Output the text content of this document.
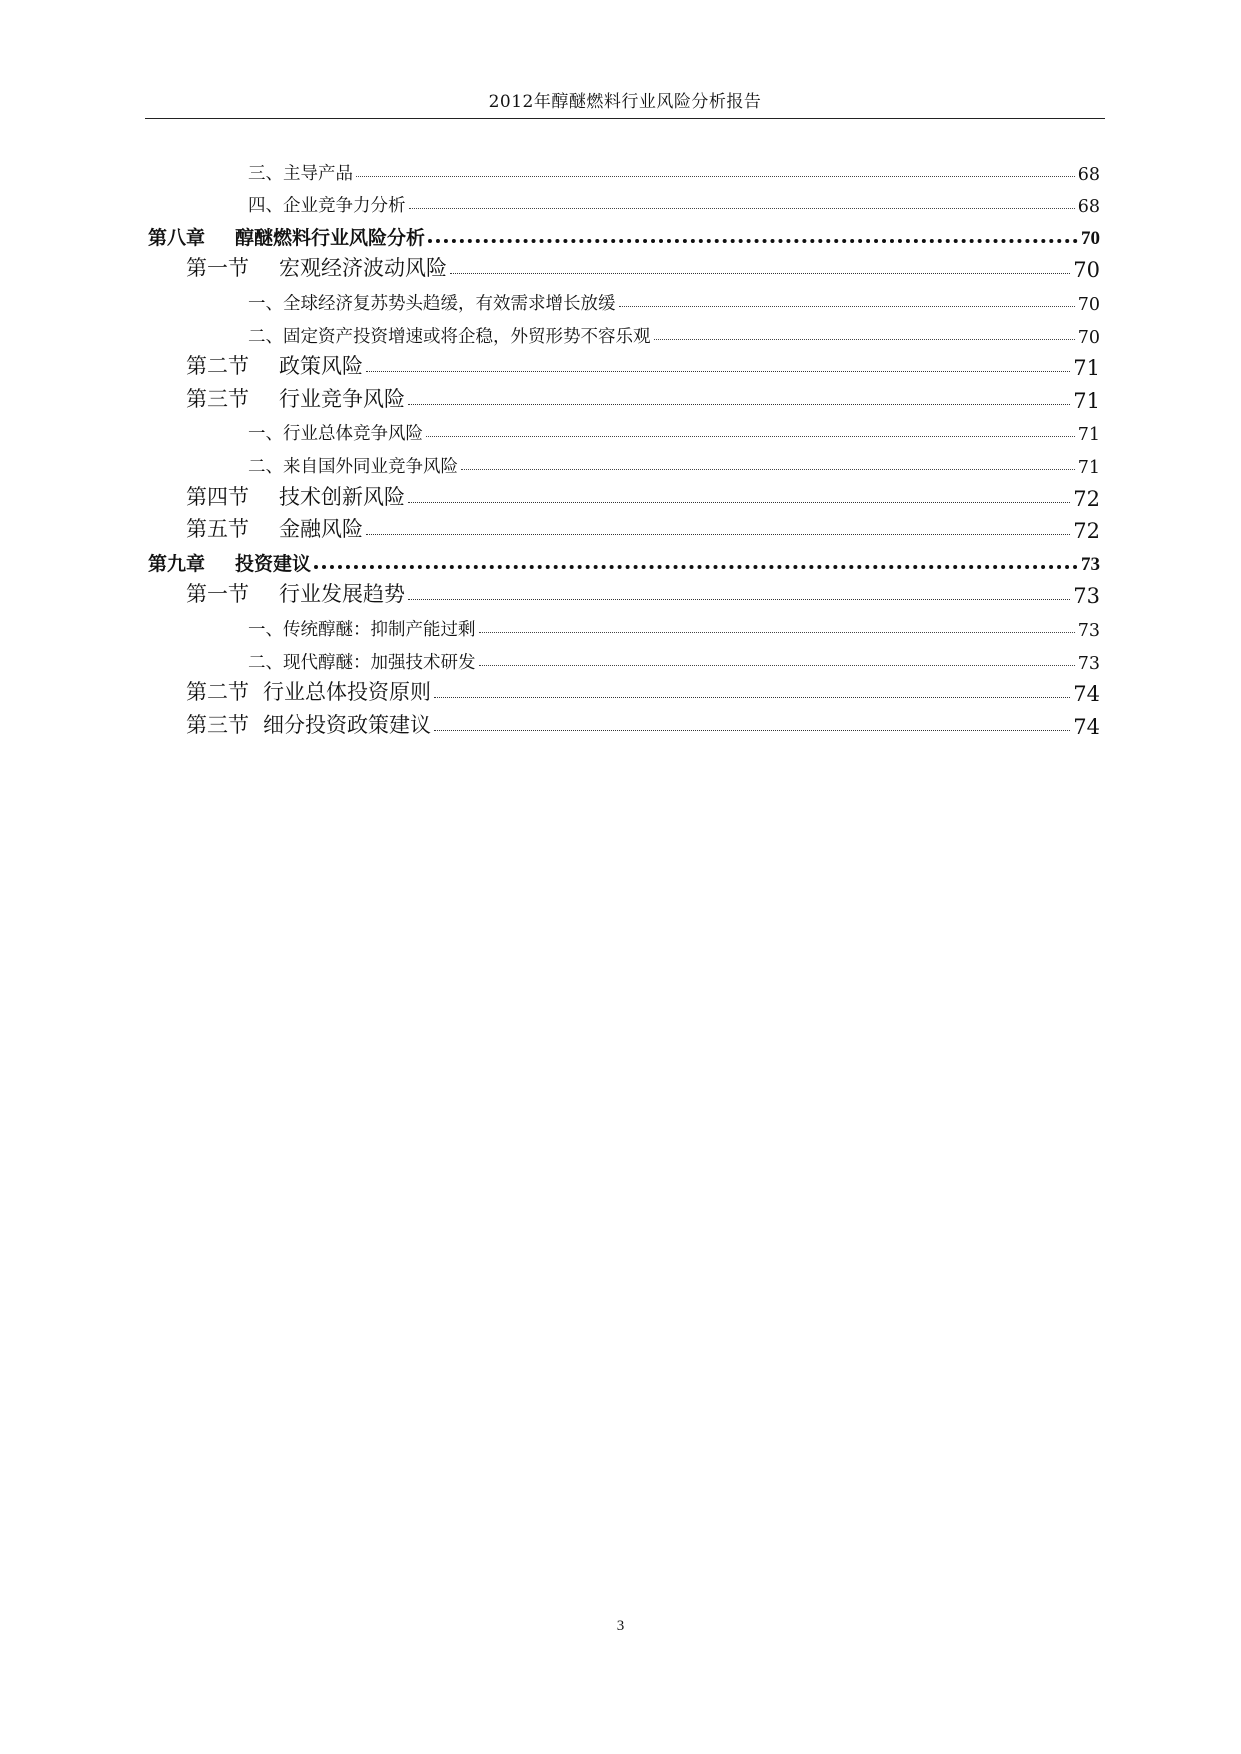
2012年醇醚燃料行业风险分析报告
三、主导产品	68
四、企业竞争力分析	68
第八章 醇醚燃料行业风险分析	70
第一节 宏观经济波动风险	70
一、全球经济复苏势头趋缓，有效需求增长放缓	70
二、固定资产投资增速或将企稳，外贸形势不容乐观	70
第二节 政策风险	71
第三节 行业竞争风险	71
一、行业总体竞争风险	71
二、来自国外同业竞争风险	71
第四节 技术创新风险	72
第五节 金融风险	72
第九章 投资建议	73
第一节 行业发展趋势	73
一、传统醇醚：抑制产能过剩	73
二、现代醇醚：加强技术研发	73
第二节 行业总体投资原则	74
第三节 细分投资政策建议	74
3
